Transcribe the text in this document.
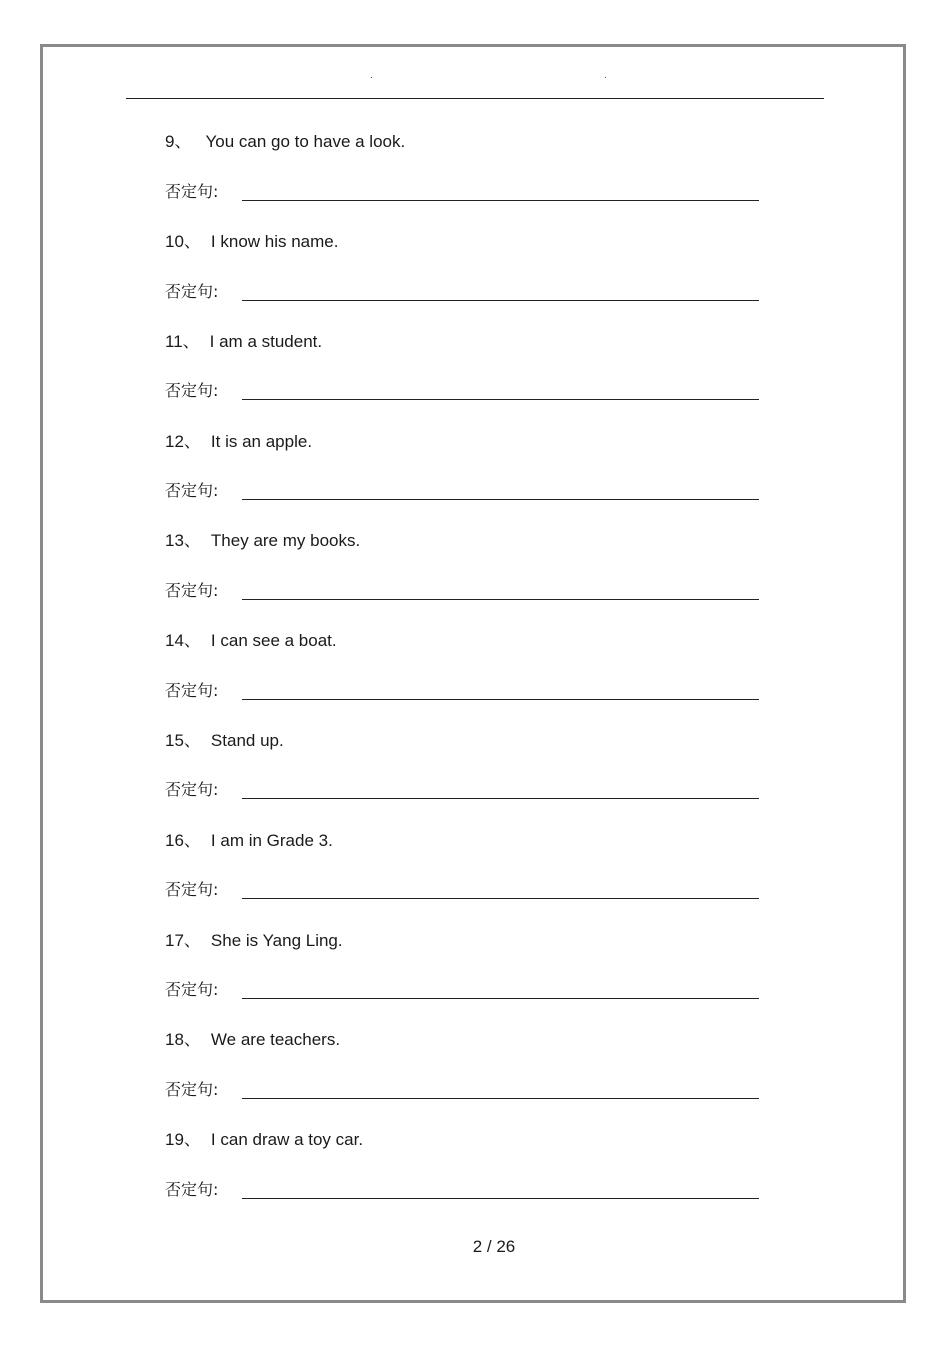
.	.
9、 You can go to have a look.
否定句:
10、 I know his name.
否定句:
11、 I am a student.
否定句:
12、 It is an apple.
否定句:
13、 They are my books.
否定句:
14、 I can see a boat.
否定句:
15、 Stand up.
否定句:
16、 I am in Grade 3.
否定句:
17、 She is Yang Ling.
否定句:
18、 We are teachers.
否定句:
19、 I can draw a toy car.
否定句:
2 / 26
